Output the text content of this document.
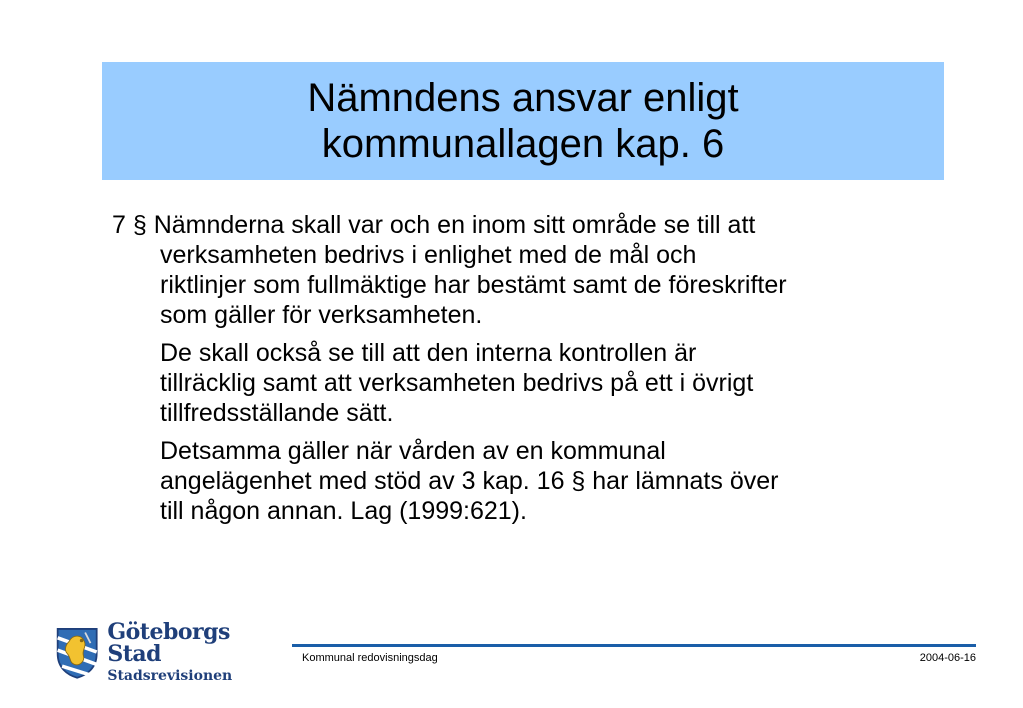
Nämndens ansvar enligt
kommunallagen kap. 6

7 § Nämnderna skall var och en inom sitt område se till att
verksamheten bedrivs i enlighet med de mål och
riktlinjer som fullmäktige har bestämt samt de föreskrifter
som gäller för verksamheten.

De skall också se till att den interna kontrollen är
tillräcklig samt att verksamheten bedrivs på ett i övrigt
tillfredsställande sätt.

Detsamma gäller när vården av en kommunal
angelägenhet med stöd av 3 kap. 16 § har lämnats över
till någon annan. Lag (1999:621).

Göteborgs Stad
Stadsrevisionen
Kommunal redovisningsdag	2004-06-16
